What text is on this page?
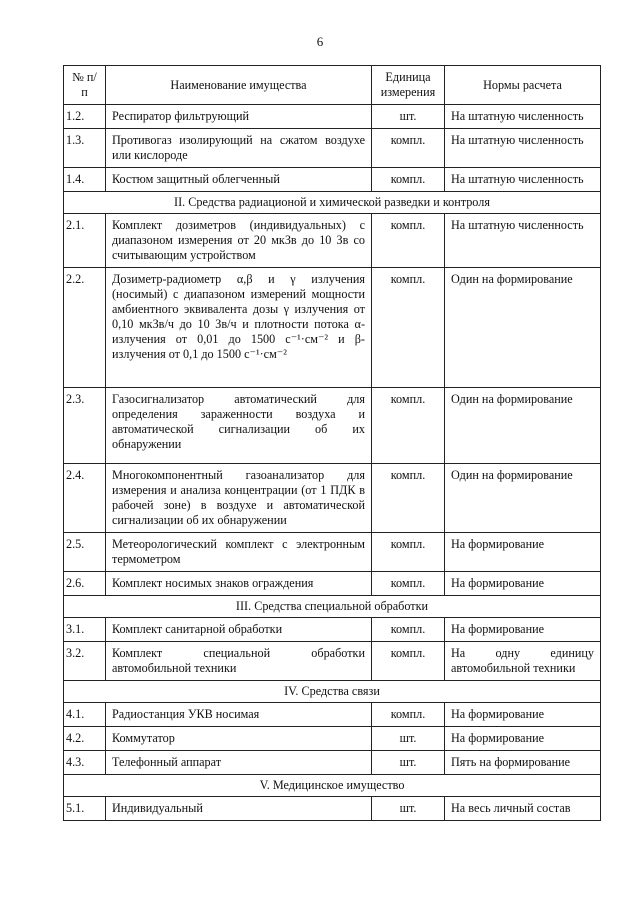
6
№ п/п	Наименование имущества	Единица измерения	Нормы расчета
1.2.	Респиратор фильтрующий	шт.	На штатную численность
1.3.	Противогаз изолирующий на сжатом воздухе или кислороде	компл.	На штатную численность
1.4.	Костюм защитный облегченный	компл.	На штатную численность
II. Средства радиационой и химической разведки и контроля			
2.1.	Комплект дозиметров (индивидуальных) с диапазоном измерения от 20 мкЗв до 10 Зв со считывающим устройством	компл.	На штатную численность
2.2.	Дозиметр-радиометр α,β и γ излучения (носимый) с диапазоном измерений мощности амбиентного эквивалента дозы γ излучения от 0,10 мкЗв/ч до 10 Зв/ч и плотности потока α-излучения от 0,01 до 1500 с⁻¹·см⁻² и β-излучения от 0,1 до 1500 с⁻¹·см⁻²	компл.	Один на формирование
2.3.	Газосигнализатор автоматический для определения зараженности воздуха и автоматической сигнализации об их обнаружении	компл.	Один на формирование
2.4.	Многокомпонентный газоанализатор для измерения и анализа концентрации (от 1 ПДК в рабочей зоне) в воздухе и автоматической сигнализации об их обнаружении	компл.	Один на формирование
2.5.	Метеорологический комплект с электронным термометром	компл.	На формирование
2.6.	Комплект носимых знаков ограждения	компл.	На формирование
III. Средства специальной обработки			
3.1.	Комплект санитарной обработки	компл.	На формирование
3.2.	Комплект специальной обработки автомобильной техники	компл.	На одну единицу автомобильной техники
IV. Средства связи			
4.1.	Радиостанция УКВ носимая	компл.	На формирование
4.2.	Коммутатор	шт.	На формирование
4.3.	Телефонный аппарат	шт.	Пять на формирование
V. Медицинское имущество			
5.1.	Индивидуальный	шт.	На весь личный состав
